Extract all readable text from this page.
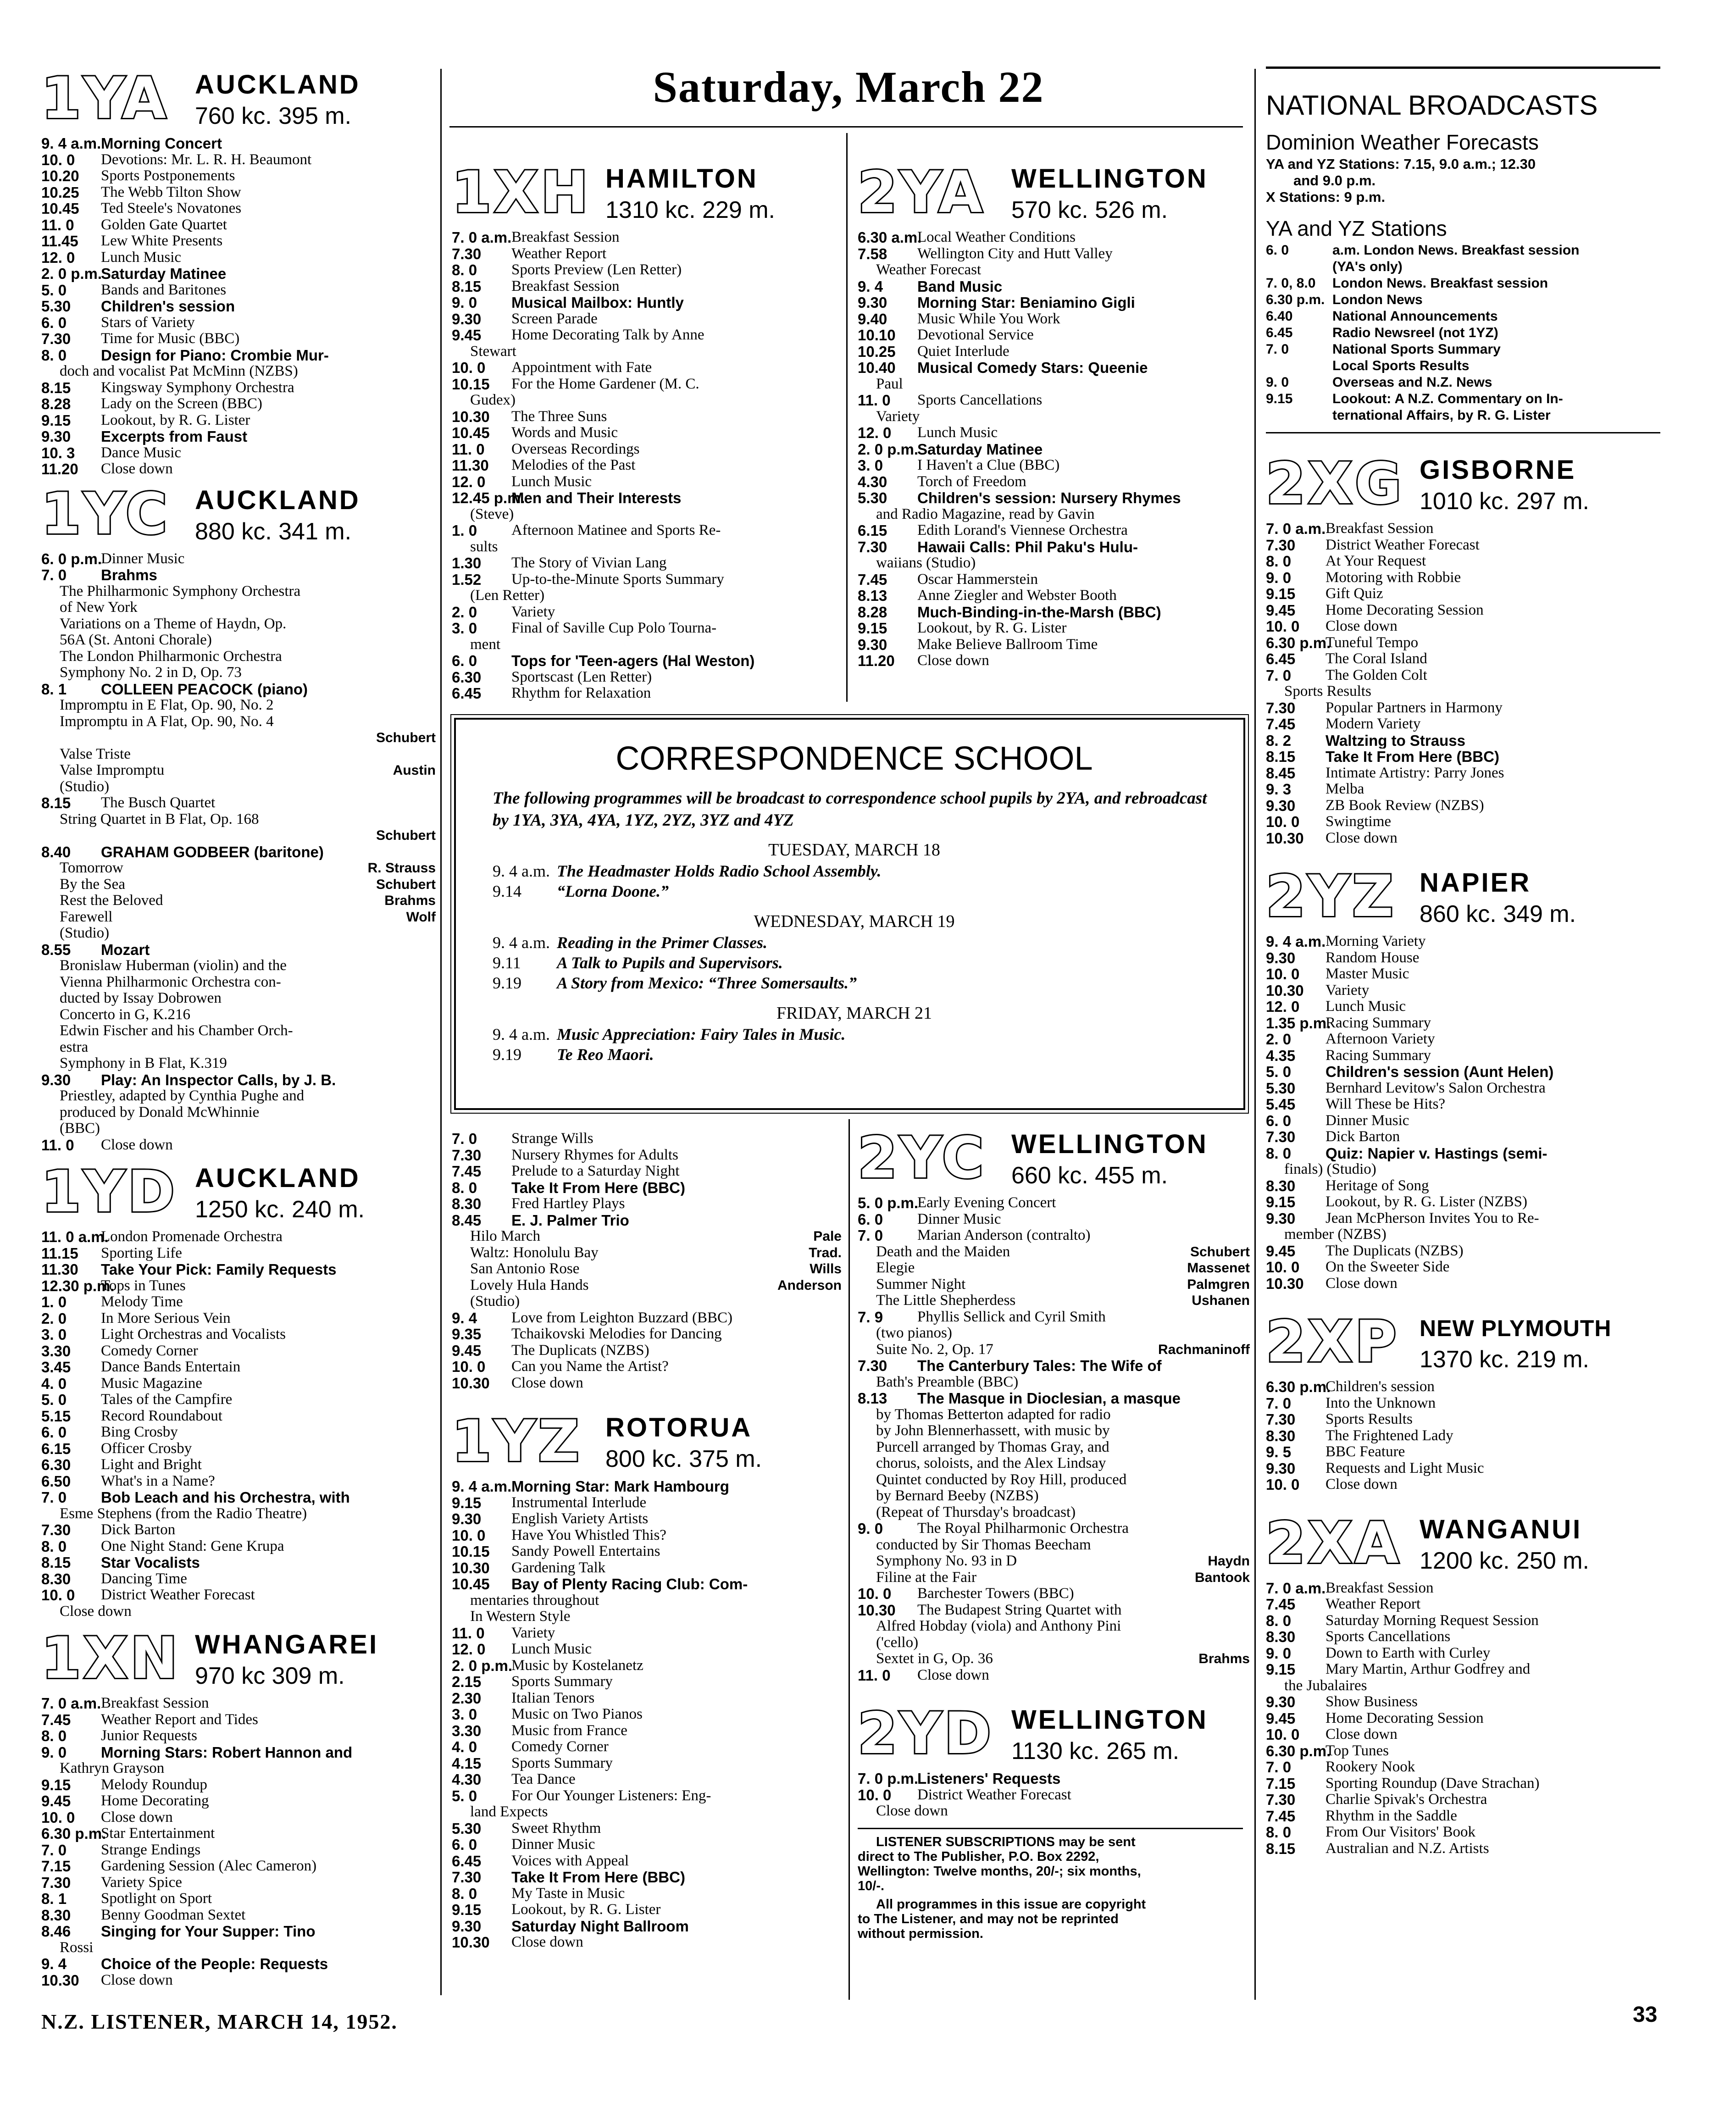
Saturday, March 22
1YA AUCKLAND
760 kc. 395 m.
9. 4 a.m. Morning Concert
10. 0	Devotions: Mr. L. R. H. Beaumont
10.20	Sports Postponements
10.25	The Webb Tilton Show
10.45	Ted Steele's Novatones
11. 0	Golden Gate Quartet
11.45	Lew White Presents
12. 0	Lunch Music
2. 0 p.m.
Saturday Matinee
5. 0	Bands and Baritones
5.30	Children's session
6. 0	Stars of Variety
7.30	Time for Music (BBC)
8. 0	Design for Piano: Crombie Mur-
doch and vocalist Pat McMinn (NZBS)
8.15	Kingsway Symphony Orchestra
8.28	Lady on the Screen (BBC)
9.15	Lookout, by R. G. Lister
9.30	Excerpts from Faust
10. 3	Dance Music
11.20	Close down
1YC AUCKLAND
880 kc. 341 m.
6. 0 p.m.
Dinner Music
7. 0	Brahms
The Philharmonic Symphony Orchestra
of New York
Variations on a Theme of Haydn, Op.
56A (St. Antoni Chorale)
The London Philharmonic Orchestra
Symphony No. 2 in D, Op. 73
8. 1	COLLEEN PEACOCK (piano)
Impromptu in E Flat, Op. 90, No. 2
Impromptu in A Flat, Op. 90, No. 4
Schubert
Valse Triste
Valse Impromptu	Austin
(Studio)
8.15	The Busch Quartet
String Quartet in B Flat, Op. 168
Schubert
8.40	GRAHAM GODBEER (baritone)
Tomorrow	R. Strauss
By the Sea	Schubert
Rest the Beloved	Brahms
Farewell	Wolf
(Studio)
8.55	Mozart
Bronislaw Huberman (violin) and the
Vienna Philharmonic Orchestra con-
ducted by Issay Dobrowen
Concerto in G, K.216
Edwin Fischer and his Chamber Orch-
estra
Symphony in B Flat, K.319
9.30	Play: An Inspector Calls, by J. B.
Priestley, adapted by Cynthia Pughe and
produced by Donald McWhinnie
(BBC)
11. 0	Close down
1YD AUCKLAND
1250 kc. 240 m.
11. 0 a.m.
London Promenade Orchestra
11.15	Sporting Life
11.30	Take Your Pick: Family Requests
12.30 p.m.
Tops in Tunes
1. 0	Melody Time
2. 0	In More Serious Vein
3. 0	Light Orchestras and Vocalists
3.30	Comedy Corner
3.45	Dance Bands Entertain
4. 0	Music Magazine
5. 0	Tales of the Campfire
5.15	Record Roundabout
6. 0	Bing Crosby
6.15	Officer Crosby
6.30	Light and Bright
6.50	What's in a Name?
7. 0	Bob Leach and his Orchestra, with
Esme Stephens (from the Radio Theatre)
7.30	Dick Barton
8. 0	One Night Stand: Gene Krupa
8.15	Star Vocalists
8.30	Dancing Time
10. 0	District Weather Forecast
Close down
1XN WHANGAREI
970 kc 309 m.
7. 0 a.m. Breakfast Session
7.45	Weather Report and Tides
8. 0	Junior Requests
9. 0	Morning Stars: Robert Hannon and
Kathryn Grayson
9.15	Melody Roundup
9.45	Home Decorating
10. 0	Close down
6.30 p.m.
Star Entertainment
7. 0	Strange Endings
7.15	Gardening Session (Alec Cameron)
7.30	Variety Spice
8. 1	Spotlight on Sport
8.30	Benny Goodman Sextet
8.46	Singing for Your Supper: Tino
Rossi
9. 4	Choice of the People: Requests
10.30	Close down
1XH HAMILTON
1310 kc. 229 m.
7. 0 a.m. Breakfast Session
7.30	Weather Report
8. 0	Sports Preview (Len Retter)
8.15	Breakfast Session
9. 0	Musical Mailbox: Huntly
9.30	Screen Parade
9.45	Home Decorating Talk by Anne
Stewart
10. 0	Appointment with Fate
10.15	For the Home Gardener (M. C.
Gudex)
10.30	The Three Suns
10.45	Words and Music
11. 0	Overseas Recordings
11.30	Melodies of the Past
12. 0	Lunch Music
12.45 p.m.
Men and Their Interests
(Steve)
1. 0	Afternoon Matinee and Sports Re-
sults
1.30	The Story of Vivian Lang
1.52	Up-to-the-Minute Sports Summary
(Len Retter)
2. 0	Variety
3. 0	Final of Saville Cup Polo Tourna-
ment
6. 0	Tops for 'Teen-agers (Hal Weston)
6.30	Sportscast (Len Retter)
6.45	Rhythm for Relaxation
2YA WELLINGTON
570 kc. 526 m.
6.30 a.m.
Local Weather Conditions
7.58	Wellington City and Hutt Valley
Weather Forecast
9. 4	Band Music
9.30	Morning Star: Beniamino Gigli
9.40	Music While You Work
10.10	Devotional Service
10.25	Quiet Interlude
10.40	Musical Comedy Stars: Queenie
Paul
11. 0	Sports Cancellations
Variety
12. 0	Lunch Music
2. 0 p.m.
Saturday Matinee
3. 0	I Haven't a Clue (BBC)
4.30	Torch of Freedom
5.30	Children's session: Nursery Rhymes
and Radio Magazine, read by Gavin
6.15	Edith Lorand's Viennese Orchestra
7.30	Hawaii Calls: Phil Paku's Hulu-
waiians (Studio)
7.45	Oscar Hammerstein
8.13	Anne Ziegler and Webster Booth
8.28	Much-Binding-in-the-Marsh (BBC)
9.15	Lookout, by R. G. Lister
9.30	Make Believe Ballroom Time
11.20	Close down
CORRESPONDENCE SCHOOL
The following programmes will be broadcast to correspondence school pupils by 2YA, and rebroadcast by 1YA, 3YA, 4YA, 1YZ, 2YZ, 3YZ and 4YZ
TUESDAY, MARCH 18
9. 4 a.m. The Headmaster Holds Radio School Assembly.
9.14	“Lorna Doone.”
WEDNESDAY, MARCH 19
9. 4 a.m. Reading in the Primer Classes.
9.11	A Talk to Pupils and Supervisors.
9.19	A Story from Mexico: “Three Somersaults.”
FRIDAY, MARCH 21
9. 4 a.m. Music Appreciation: Fairy Tales in Music.
9.19	Te Reo Maori.
7. 0	Strange Wills
7.30	Nursery Rhymes for Adults
7.45	Prelude to a Saturday Night
8. 0	Take It From Here (BBC)
8.30	Fred Hartley Plays
8.45	E. J. Palmer Trio
Hilo March	Pale
Waltz: Honolulu Bay	Trad.
San Antonio Rose	Wills
Lovely Hula Hands	Anderson
(Studio)
9. 4	Love from Leighton Buzzard (BBC)
9.35	Tchaikovski Melodies for Dancing
9.45	The Duplicats (NZBS)
10. 0	Can you Name the Artist?
10.30	Close down
1YZ ROTORUA
800 kc. 375 m.
9. 4 a.m. Morning Star: Mark Hambourg
9.15	Instrumental Interlude
9.30	English Variety Artists
10. 0	Have You Whistled This?
10.15	Sandy Powell Entertains
10.30	Gardening Talk
10.45	Bay of Plenty Racing Club: Com-
mentaries throughout
In Western Style
11. 0	Variety
12. 0	Lunch Music
2. 0 p.m.
Music by Kostelanetz
2.15	Sports Summary
2.30	Italian Tenors
3. 0	Music on Two Pianos
3.30	Music from France
4. 0	Comedy Corner
4.15	Sports Summary
4.30	Tea Dance
5. 0	For Our Younger Listeners: Eng-
land Expects
5.30	Sweet Rhythm
6. 0	Dinner Music
6.45	Voices with Appeal
7.30	Take It From Here (BBC)
8. 0	My Taste in Music
9.15	Lookout, by R. G. Lister
9.30	Saturday Night Ballroom
10.30	Close down
2YC WELLINGTON
660 kc. 455 m.
5. 0 p.m.
Early Evening Concert
6. 0	Dinner Music
7. 0	Marian Anderson (contralto)
Death and the Maiden	Schubert
Elegie	Massenet
Summer Night	Palmgren
The Little Shepherdess	Ushanen
7. 9	Phyllis Sellick and Cyril Smith
(two pianos)
Suite No. 2, Op. 17	Rachmaninoff
7.30	The Canterbury Tales: The Wife of
Bath's Preamble (BBC)
8.13	The Masque in Dioclesian, a masque
by Thomas Betterton adapted for radio
by John Blennerhassett, with music by
Purcell arranged by Thomas Gray, and
chorus, soloists, and the Alex Lindsay
Quintet conducted by Roy Hill, produced
by Bernard Beeby (NZBS)
(Repeat of Thursday's broadcast)
9. 0	The Royal Philharmonic Orchestra
conducted by Sir Thomas Beecham
Symphony No. 93 in D	Haydn
Filine at the Fair	Bantook
10. 0	Barchester Towers (BBC)
10.30	The Budapest String Quartet with
Alfred Hobday (viola) and Anthony Pini
('cello)
Sextet in G, Op. 36	Brahms
11. 0	Close down
2YD WELLINGTON
1130 kc. 265 m.
7. 0 p.m.
Listeners' Requests
10. 0	District Weather Forecast
Close down
LISTENER SUBSCRIPTIONS may be sent
direct to The Publisher, P.O. Box 2292,
Wellington: Twelve months, 20/-; six months,
10/-.
All programmes in this issue are copyright
to The Listener, and may not be reprinted
without permission.
NATIONAL BROADCASTS
Dominion Weather Forecasts
YA and YZ Stations: 7.15, 9.0 a.m.; 12.30
and 9.0 p.m.
X Stations: 9 p.m.
YA and YZ Stations
6. 0	a.m. London News. Breakfast session
(YA's only)
7. 0, 8.0	London News. Breakfast session
6.30 p.m. London News
6.40	National Announcements
6.45	Radio Newsreel (not 1YZ)
7. 0	National Sports Summary
Local Sports Results
9. 0	Overseas and N.Z. News
9.15	Lookout: A N.Z. Commentary on In-
ternational Affairs, by R. G. Lister
2XG GISBORNE
1010 kc. 297 m.
7. 0 a.m. Breakfast Session
7.30	District Weather Forecast
8. 0	At Your Request
9. 0	Motoring with Robbie
9.15	Gift Quiz
9.45	Home Decorating Session
10. 0	Close down
6.30 p.m.
Tuneful Tempo
6.45	The Coral Island
7. 0	The Golden Colt
Sports Results
7.30	Popular Partners in Harmony
7.45	Modern Variety
8. 2	Waltzing to Strauss
8.15	Take It From Here (BBC)
8.45	Intimate Artistry: Parry Jones
9. 3	Melba
9.30	ZB Book Review (NZBS)
10. 0	Swingtime
10.30	Close down
2YZ NAPIER
860 kc. 349 m.
9. 4 a.m. Morning Variety
9.30	Random House
10. 0	Master Music
10.30	Variety
12. 0	Lunch Music
1.35 p.m.
Racing Summary
2. 0	Afternoon Variety
4.35	Racing Summary
5. 0	Children's session (Aunt Helen)
5.30	Bernhard Levitow's Salon Orchestra
5.45	Will These be Hits?
6. 0	Dinner Music
7.30	Dick Barton
8. 0	Quiz: Napier v. Hastings (semi-
finals) (Studio)
8.30	Heritage of Song
9.15	Lookout, by R. G. Lister (NZBS)
9.30	Jean McPherson Invites You to Re-
member (NZBS)
9.45	The Duplicats (NZBS)
10. 0	On the Sweeter Side
10.30	Close down
2XP NEW PLYMOUTH
1370 kc. 219 m.
6.30 p.m.
Children's session
7. 0	Into the Unknown
7.30	Sports Results
8.30	The Frightened Lady
9. 5	BBC Feature
9.30	Requests and Light Music
10. 0	Close down
2XA WANGANUI
1200 kc. 250 m.
7. 0 a.m. Breakfast Session
7.45	Weather Report
8. 0	Saturday Morning Request Session
8.30	Sports Cancellations
9. 0	Down to Earth with Curley
9.15	Mary Martin, Arthur Godfrey and
the Jubalaires
9.30	Show Business
9.45	Home Decorating Session
10. 0	Close down
6.30 p.m.
Top Tunes
7. 0	Rookery Nook
7.15	Sporting Roundup (Dave Strachan)
7.30	Charlie Spivak's Orchestra
7.45	Rhythm in the Saddle
8. 0	From Our Visitors' Book
8.15	Australian and N.Z. Artists
N.Z. LISTENER, MARCH 14, 1952.	33
